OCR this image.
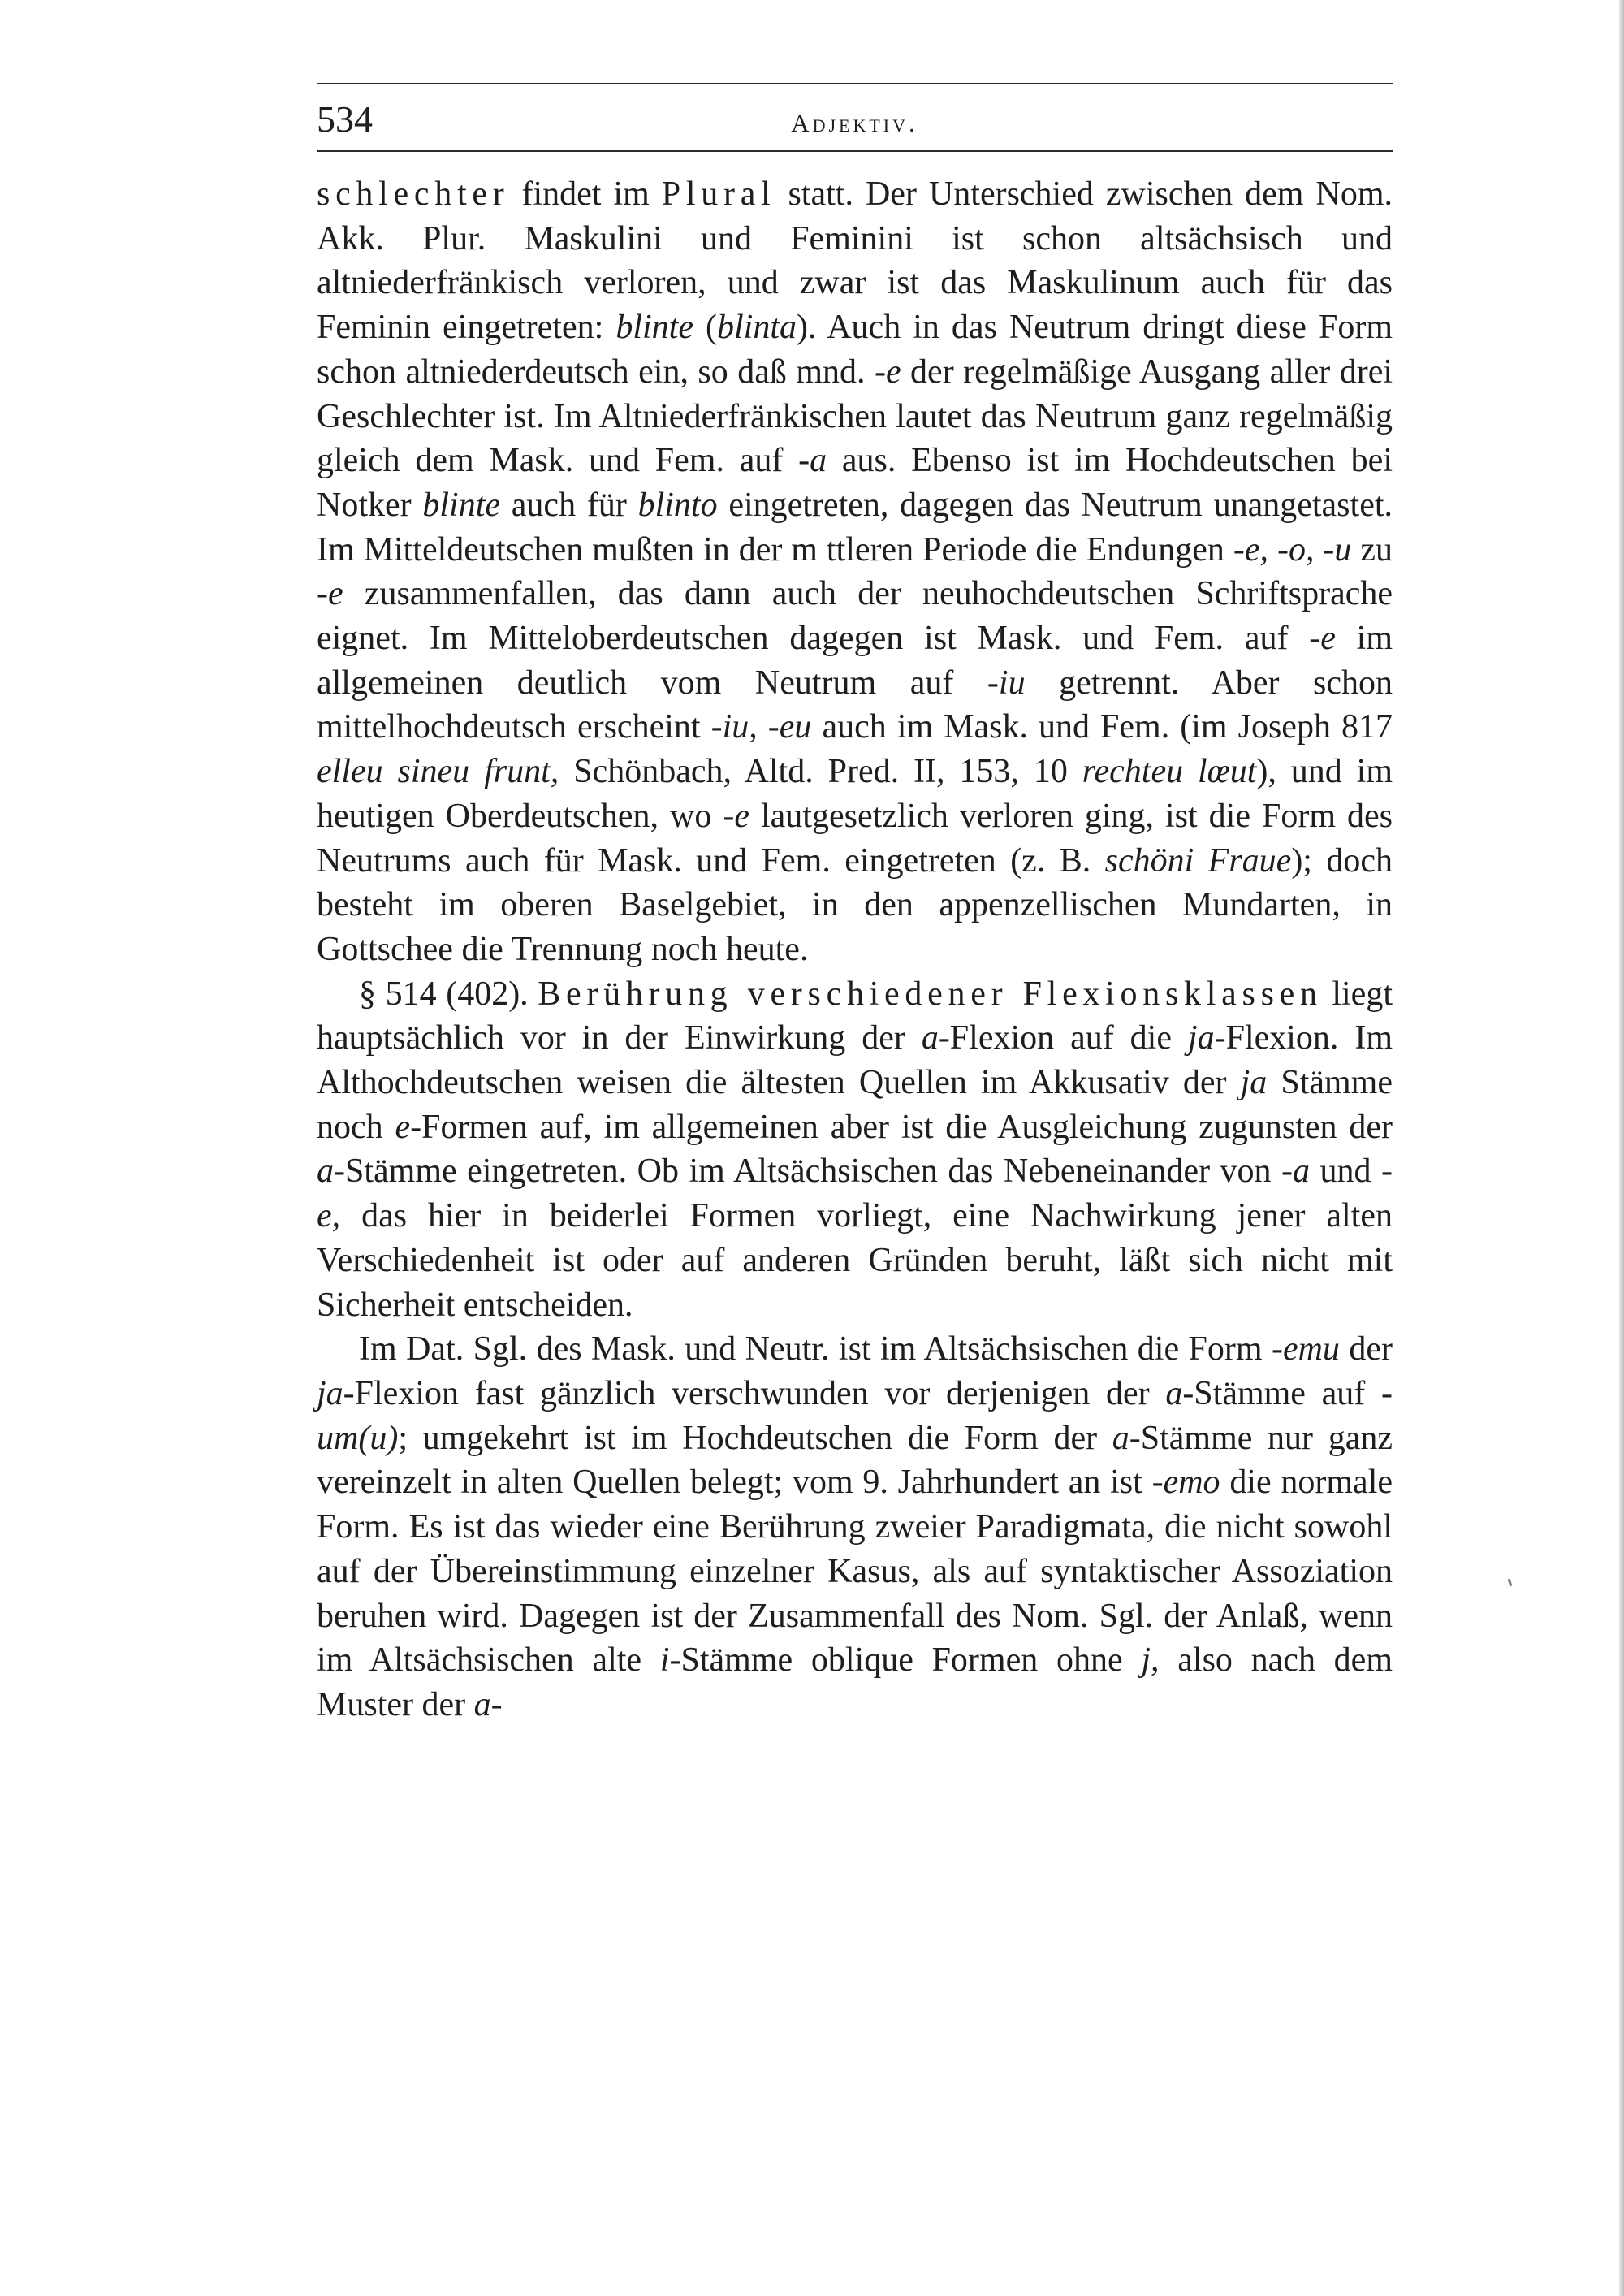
534	Adjektiv.

schlechter findet im Plural statt. Der Unterschied zwischen dem Nom. Akk. Plur. Maskulini und Feminini ist schon altsächsisch und altniederfränkisch verloren, und zwar ist das Maskulinum auch für das Feminin eingetreten: blinte (blinta). Auch in das Neutrum dringt diese Form schon altniederdeutsch ein, so daß mnd. -e der regelmäßige Ausgang aller drei Geschlechter ist. Im Altniederfränkischen lautet das Neutrum ganz regelmäßig gleich dem Mask. und Fem. auf -a aus. Ebenso ist im Hochdeutschen bei Notker blinte auch für blinto eingetreten, dagegen das Neutrum unangetastet. Im Mitteldeutschen mußten in der m ttleren Periode die Endungen -e, -o, -u zu -e zusammenfallen, das dann auch der neuhochdeutschen Schriftsprache eignet. Im Mitteloberdeutschen dagegen ist Mask. und Fem. auf -e im allgemeinen deutlich vom Neutrum auf -iu getrennt. Aber schon mittelhochdeutsch erscheint -iu, -eu auch im Mask. und Fem. (im Joseph 817 elleu sineu frunt, Schönbach, Altd. Pred. II, 153, 10 rechteu lœut), und im heutigen Oberdeutschen, wo -e lautgesetzlich verloren ging, ist die Form des Neutrums auch für Mask. und Fem. eingetreten (z. B. schöni Fraue); doch besteht im oberen Baselgebiet, in den appenzellischen Mundarten, in Gottschee die Trennung noch heute.

§ 514 (402). Berührung verschiedener Flexionsklassen liegt hauptsächlich vor in der Einwirkung der a-Flexion auf die ja-Flexion. Im Althochdeutschen weisen die ältesten Quellen im Akkusativ der ja Stämme noch e-Formen auf, im allgemeinen aber ist die Ausgleichung zugunsten der a-Stämme eingetreten. Ob im Altsächsischen das Nebeneinander von -a und -e, das hier in beiderlei Formen vorliegt, eine Nachwirkung jener alten Verschiedenheit ist oder auf anderen Gründen beruht, läßt sich nicht mit Sicherheit entscheiden.

Im Dat. Sgl. des Mask. und Neutr. ist im Altsächsischen die Form -emu der ja-Flexion fast gänzlich verschwunden vor derjenigen der a-Stämme auf -um(u); umgekehrt ist im Hochdeutschen die Form der a-Stämme nur ganz vereinzelt in alten Quellen belegt; vom 9. Jahrhundert an ist -emo die normale Form. Es ist das wieder eine Berührung zweier Paradigmata, die nicht sowohl auf der Übereinstimmung einzelner Kasus, als auf syntaktischer Assoziation beruhen wird. Dagegen ist der Zusammenfall des Nom. Sgl. der Anlaß, wenn im Altsächsischen alte i-Stämme oblique Formen ohne j, also nach dem Muster der a-
